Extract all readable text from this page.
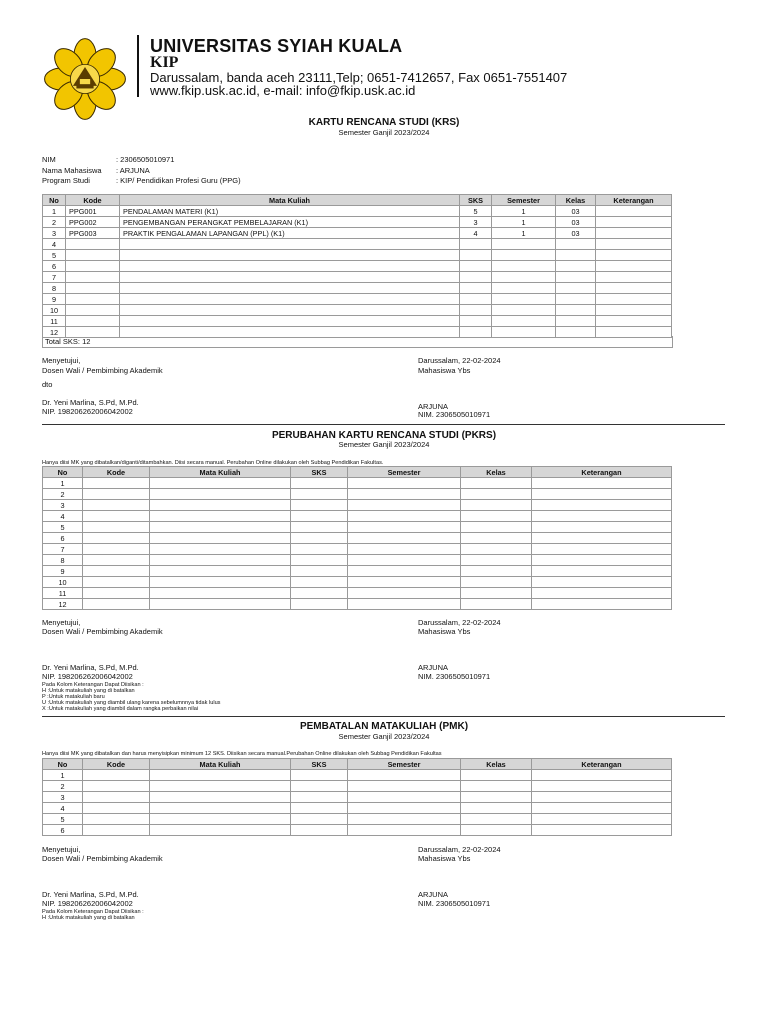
UNIVERSITAS SYIAH KUALA
KIP
Darussalam, banda aceh 23111,Telp; 0651-7412657, Fax 0651-7551407
www.fkip.usk.ac.id, e-mail: info@fkip.usk.ac.id
KARTU RENCANA STUDI (KRS)
Semester Ganjil 2023/2024
NIM	: 2306505010971
Nama Mahasiswa : ARJUNA
Program Studi	: KIP/ Pendidikan Profesi Guru (PPG)
No	Kode	Mata Kuliah	SKS	Semester	Kelas	Keterangan
1	PPG001	PENDALAMAN MATERI (K1)	5	1	03	
2	PPG002	PENGEMBANGAN PERANGKAT PEMBELAJARAN (K1)	3	1	03	
3	PPG003	PRAKTIK PENGALAMAN LAPANGAN (PPL) (K1)	4	1	03	
4						
5						
6						
7						
8						
9						
10						
11						
12						
Total SKS: 12
Menyetujui,
Dosen Wali / Pembimbing Akademik
dto
Dr. Yeni Marlina, S.Pd, M.Pd.
NIP. 198206262006042002
Darussalam, 22-02-2024
Mahasiswa Ybs
ARJUNA
NIM. 2306505010971
PERUBAHAN KARTU RENCANA STUDI (PKRS)
Semester Ganjil 2023/2024
Hanya diisi MK yang dibatalkan/diganti/ditambahkan. Diisi secara manual. Perubahan Online dilakukan oleh Subbag Pendidikan Fakultas.
No	Kode	Mata Kuliah	SKS	Semester	Kelas	Keterangan
1						
2						
3						
4						
5						
6						
7						
8						
9						
10						
11						
12						
Menyetujui,
Dosen Wali / Pembimbing Akademik
Dr. Yeni Marlina, S.Pd, M.Pd.
NIP. 198206262006042002
Darussalam, 22-02-2024
Mahasiswa Ybs
ARJUNA
NIM. 2306505010971
Pada Kolom Keterangan Dapat Diisikan :
H :Untuk matakuliah yang di batalkan
P :Untuk matakuliah baru
U :Untuk matakuliah yang diambil ulang karena sebelumnnya tidak lulus
X :Untuk matakuliah yang diambil dalam rangka perbaikan nilai
PEMBATALAN MATAKULIAH (PMK)
Semester Ganjil 2023/2024
Hanya diisi MK yang dibatalkan dan harus menyisipkan minimum 12 SKS. Diisikan secara manual.Perubahan Online dilakukan oleh Subbag Pendidikan Fakultas
No	Kode	Mata Kuliah	SKS	Semester	Kelas	Keterangan
1						
2						
3						
4						
5						
6						
Menyetujui,
Dosen Wali / Pembimbing Akademik
Dr. Yeni Marlina, S.Pd, M.Pd.
NIP. 198206262006042002
Darussalam, 22-02-2024
Mahasiswa Ybs
ARJUNA
NIM. 2306505010971
Pada Kolom Keterangan Dapat Diisikan :
H :Untuk matakuliah yang di batalkan
